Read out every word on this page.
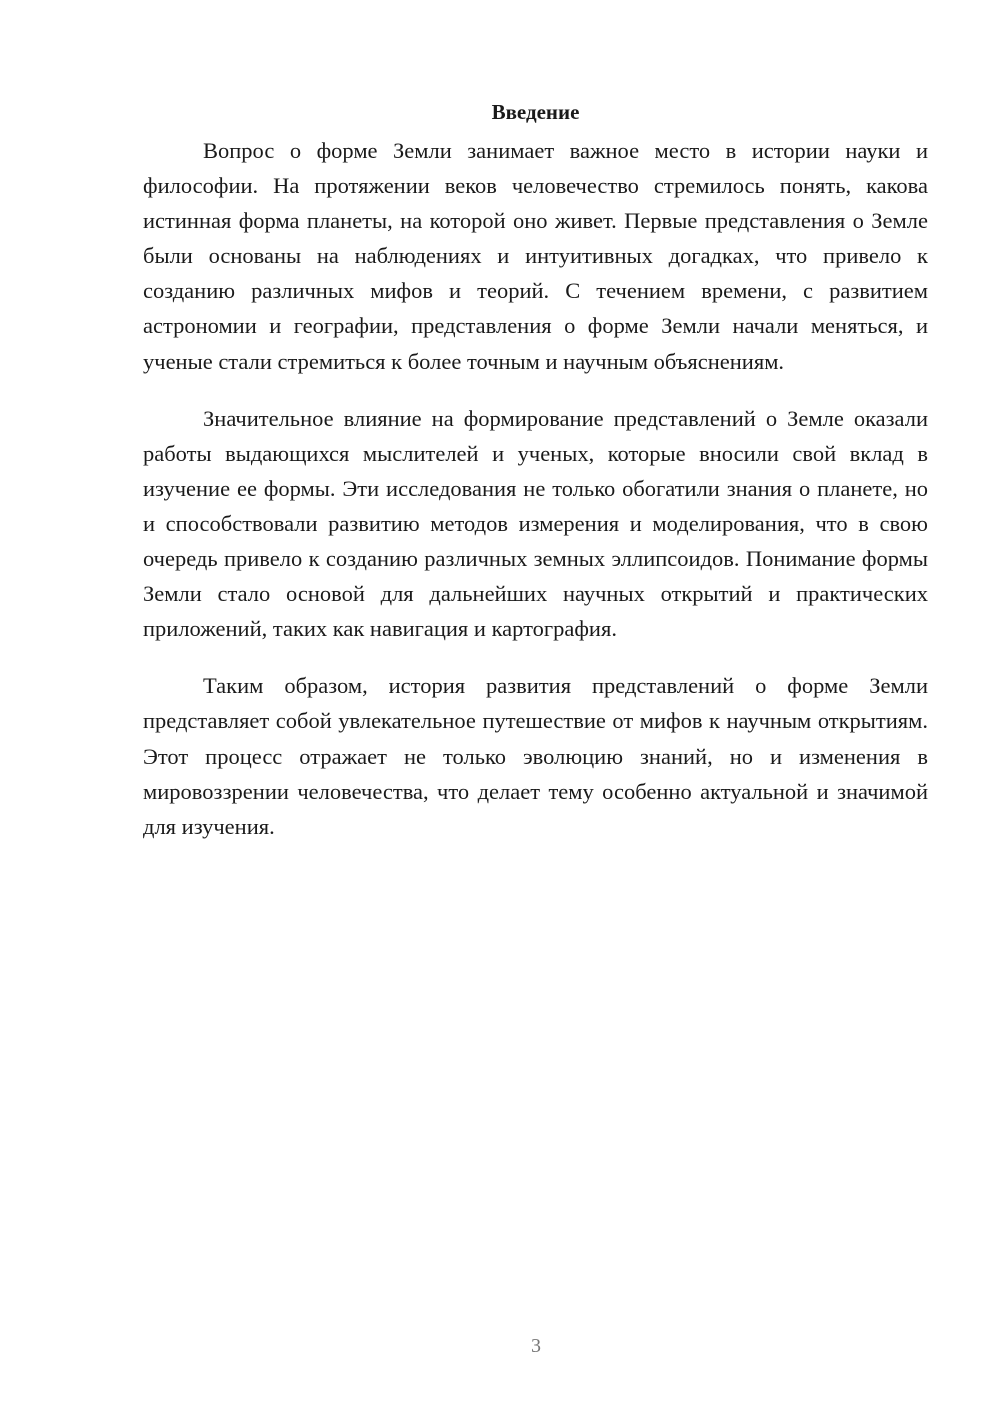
Введение

Вопрос о форме Земли занимает важное место в истории науки и философии. На протяжении веков человечество стремилось понять, какова истинная форма планеты, на которой оно живет. Первые представления о Земле были основаны на наблюдениях и интуитивных догадках, что привело к созданию различных мифов и теорий. С течением времени, с развитием астрономии и географии, представления о форме Земли начали меняться, и ученые стали стремиться к более точным и научным объяснениям.

Значительное влияние на формирование представлений о Земле оказали работы выдающихся мыслителей и ученых, которые вносили свой вклад в изучение ее формы. Эти исследования не только обогатили знания о планете, но и способствовали развитию методов измерения и моделирования, что в свою очередь привело к созданию различных земных эллипсоидов. Понимание формы Земли стало основой для дальнейших научных открытий и практических приложений, таких как навигация и картография.

Таким образом, история развития представлений о форме Земли представляет собой увлекательное путешествие от мифов к научным открытиям. Этот процесс отражает не только эволюцию знаний, но и изменения в мировоззрении человечества, что делает тему особенно актуальной и значимой для изучения.

3
